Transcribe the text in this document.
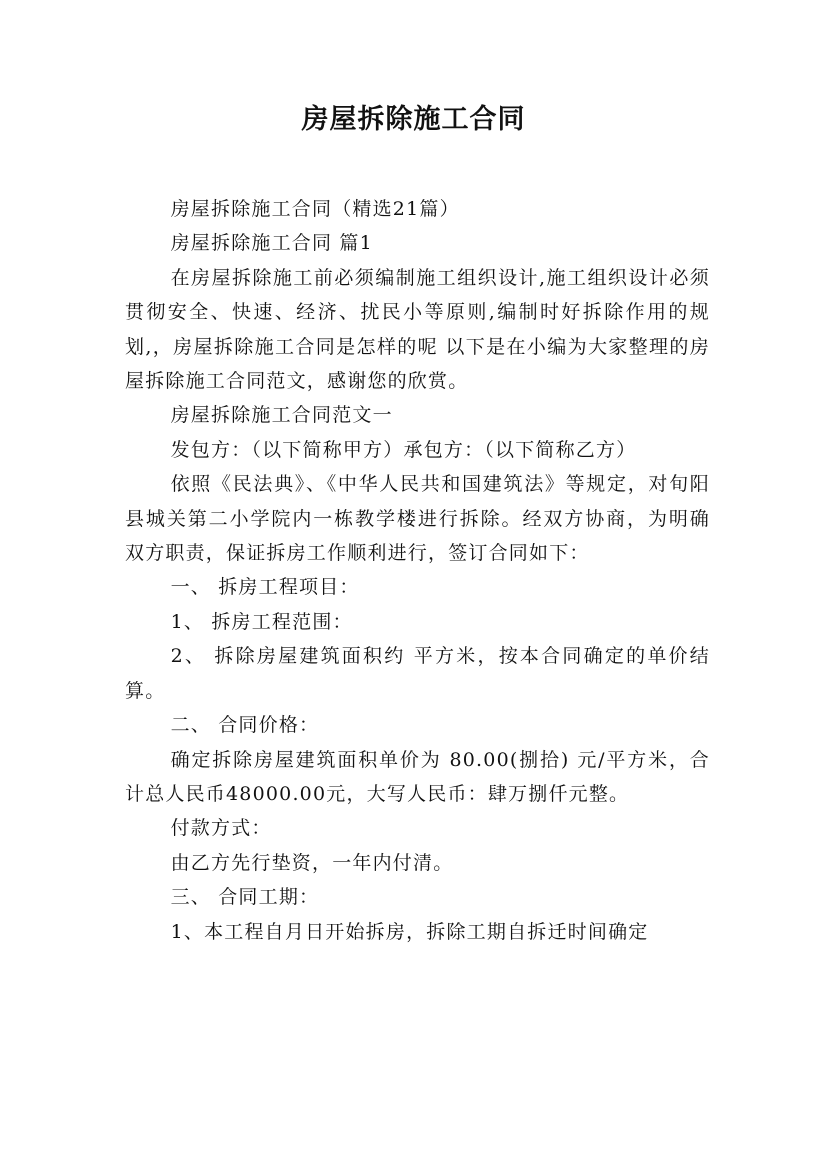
房屋拆除施工合同

房屋拆除施工合同（精选21篇）

房屋拆除施工合同 篇1

在房屋拆除施工前必须编制施工组织设计,施工组织设计必须贯彻安全、快速、经济、扰民小等原则,编制时好拆除作用的规划,，房屋拆除施工合同是怎样的呢 以下是在小编为大家整理的房屋拆除施工合同范文，感谢您的欣赏。

房屋拆除施工合同范文一

发包方：（以下简称甲方）承包方：（以下简称乙方）

依照《民法典》、《中华人民共和国建筑法》等规定，对旬阳县城关第二小学院内一栋教学楼进行拆除。经双方协商，为明确双方职责，保证拆房工作顺利进行，签订合同如下：

一、 拆房工程项目：

1、 拆房工程范围：

2、 拆除房屋建筑面积约 平方米，按本合同确定的单价结算。

二、 合同价格：

确定拆除房屋建筑面积单价为 80.00(捌拾) 元/平方米，合计总人民币48000.00元，大写人民币：肆万捌仟元整。

付款方式：

由乙方先行垫资，一年内付清。

三、 合同工期：

1、本工程自月日开始拆房，拆除工期自拆迁时间确定
